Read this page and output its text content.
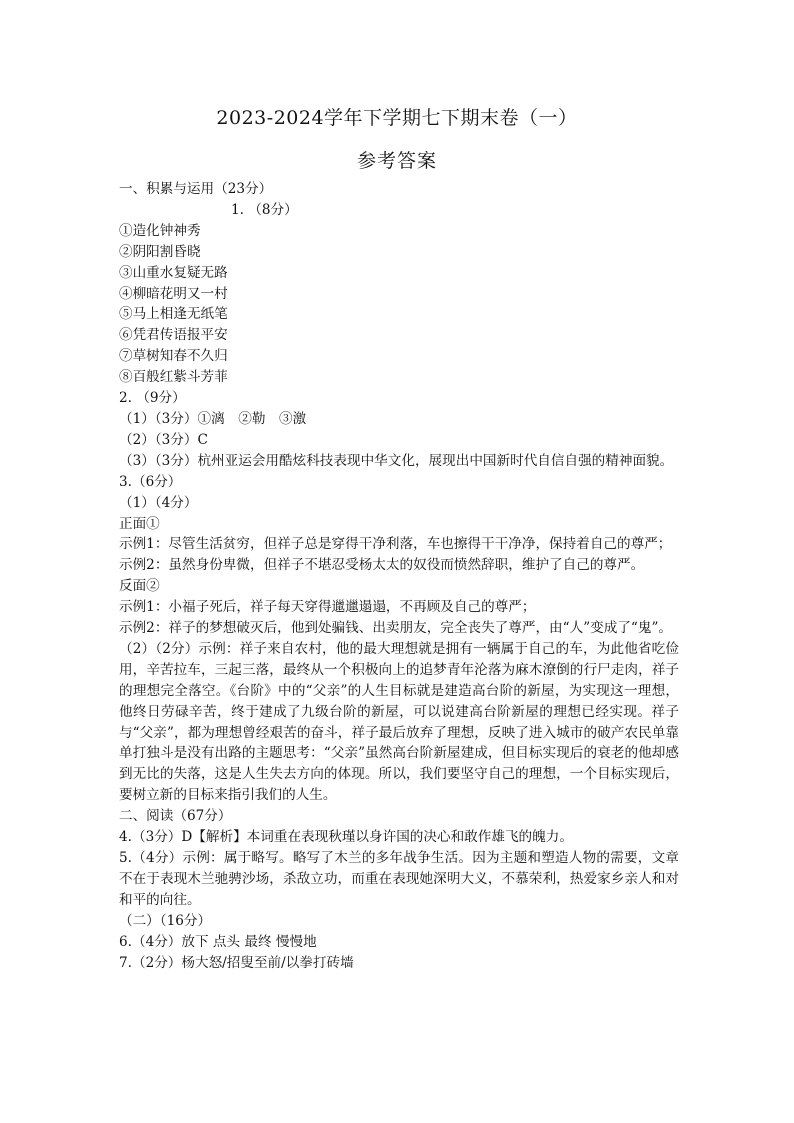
2023-2024学年下学期七下期末卷（一）
参考答案
一、积累与运用（23分）
1. （8分）
①造化钟神秀
②阴阳割昏晓
③山重水复疑无路
④柳暗花明又一村
⑤马上相逢无纸笔
⑥凭君传语报平安
⑦草树知春不久归
⑧百般红紫斗芳菲
2. （9分）
（1）（3分）①漓　②勒　③激
（2）（3分）C
（3）（3分）杭州亚运会用酷炫科技表现中华文化，展现出中国新时代自信自强的精神面貌。
3.（6分）
（1）（4分）
正面①
示例1：尽管生活贫穷，但祥子总是穿得干净利落，车也擦得干干净净，保持着自己的尊严；
示例2：虽然身份卑微，但祥子不堪忍受杨太太的奴役而愤然辞职，维护了自己的尊严。
反面②
示例1：小福子死后，祥子每天穿得邋邋遢遢，不再顾及自己的尊严；
示例2：祥子的梦想破灭后，他到处骗钱、出卖朋友，完全丧失了尊严，由“人”变成了“鬼”。
（2）（2分）示例：祥子来自农村，他的最大理想就是拥有一辆属于自己的车，为此他省吃俭用，辛苦拉车，三起三落，最终从一个积极向上的追梦青年沦落为麻木潦倒的行尸走肉，祥子的理想完全落空。《台阶》中的“父亲”的人生目标就是建造高台阶的新屋，为实现这一理想，他终日劳碌辛苦，终于建成了九级台阶的新屋，可以说建高台阶新屋的理想已经实现。祥子与“父亲”，都为理想曾经艰苦的奋斗，祥子最后放弃了理想，反映了进入城市的破产农民单靠单打独斗是没有出路的主题思考：“父亲”虽然高台阶新屋建成，但目标实现后的衰老的他却感到无比的失落，这是人生失去方向的体现。所以，我们要坚守自己的理想，一个目标实现后，要树立新的目标来指引我们的人生。
二、阅读（67分）
4.（3分）D【解析】本词重在表现秋瑾以身许国的决心和敢作雄飞的魄力。
5.（4分）示例：属于略写。略写了木兰的多年战争生活。因为主题和塑造人物的需要，文章不在于表现木兰驰骋沙场，杀敌立功，而重在表现她深明大义，不慕荣利，热爱家乡亲人和对和平的向往。
（二）（16分）
6.（4分）放下 点头 最终 慢慢地
7.（2分）杨大怒/招叟至前/以拳打砖墙
